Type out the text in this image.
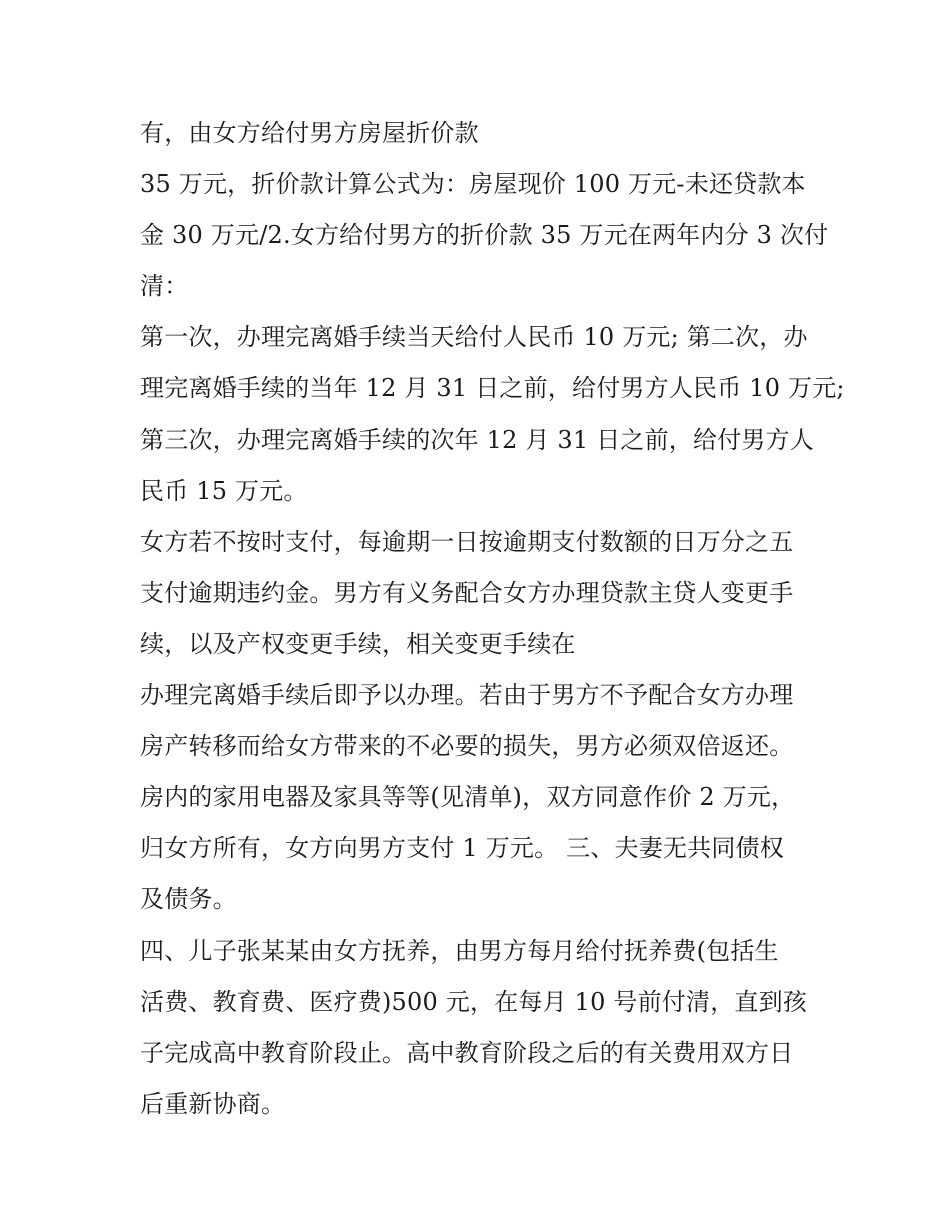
有，由女方给付男方房屋折价款
35 万元，折价款计算公式为：房屋现价 100 万元-未还贷款本
金 30 万元/2.女方给付男方的折价款 35 万元在两年内分 3 次付
清：
第一次，办理完离婚手续当天给付人民币 10 万元; 第二次，办
理完离婚手续的当年 12 月 31 日之前，给付男方人民币 10 万元;
第三次，办理完离婚手续的次年 12 月 31 日之前，给付男方人
民币 15 万元。
女方若不按时支付，每逾期一日按逾期支付数额的日万分之五
支付逾期违约金。男方有义务配合女方办理贷款主贷人变更手
续，以及产权变更手续，相关变更手续在
办理完离婚手续后即予以办理。若由于男方不予配合女方办理
房产转移而给女方带来的不必要的损失，男方必须双倍返还。
房内的家用电器及家具等等(见清单)，双方同意作价 2 万元，
归女方所有，女方向男方支付 1 万元。 三、夫妻无共同债权
及债务。
四、儿子张某某由女方抚养，由男方每月给付抚养费(包括生
活费、教育费、医疗费)500 元，在每月 10 号前付清，直到孩
子完成高中教育阶段止。高中教育阶段之后的有关费用双方日
后重新协商。
